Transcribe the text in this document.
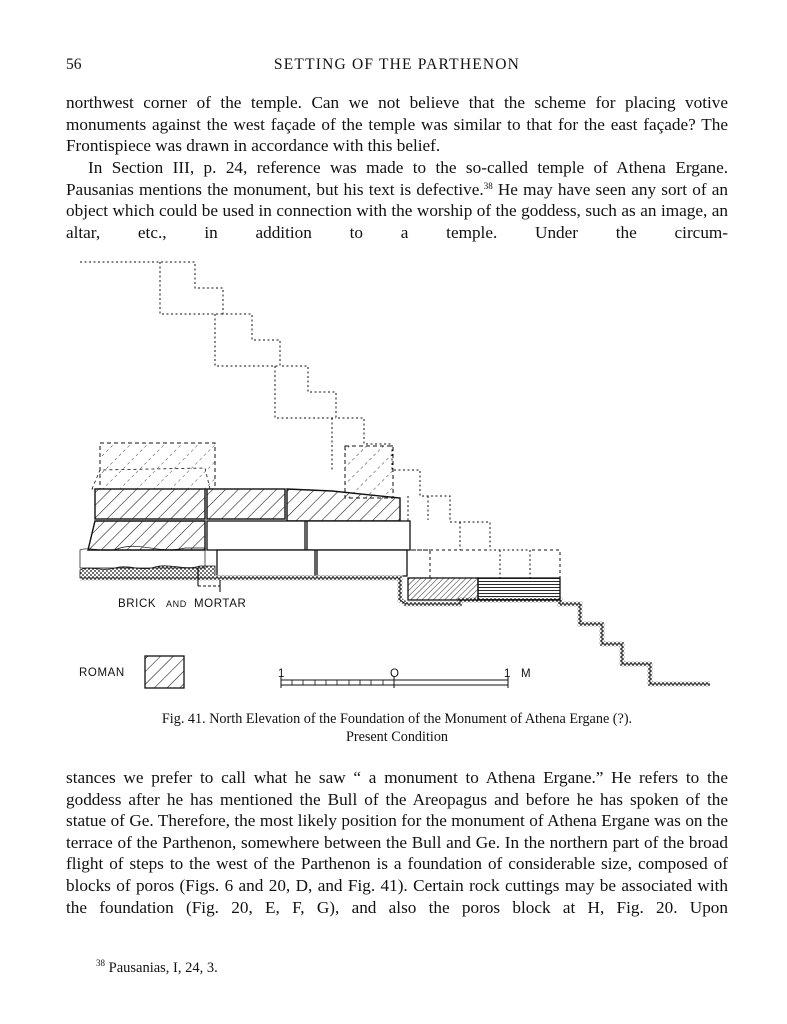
56	SETTING OF THE PARTHENON

northwest corner of the temple. Can we not believe that the scheme for placing votive monuments against the west façade of the temple was similar to that for the east façade? The Frontispiece was drawn in accordance with this belief.

In Section III, p. 24, reference was made to the so-called temple of Athena Ergane. Pausanias mentions the monument, but his text is defective.$^{38}$ He may have seen any sort of an object which could be used in connection with the worship of the goddess, such as an image, an altar, etc., in addition to a temple. Under the circum-

BRICK AND MORTAR
ROMAN	1	O	1 M
Fig. 41. North Elevation of the Foundation of the Monument of Athena Ergane (?).
Present Condition

stances we prefer to call what he saw “ a monument to Athena Ergane.” He refers to the goddess after he has mentioned the Bull of the Areopagus and before he has spoken of the statue of Ge. Therefore, the most likely position for the monument of Athena Ergane was on the terrace of the Parthenon, somewhere between the Bull and Ge. In the northern part of the broad flight of steps to the west of the Parthenon is a foundation of considerable size, composed of blocks of poros (Figs. 6 and 20, D, and Fig. 41). Certain rock cuttings may be associated with the foundation (Fig. 20, E, F, G), and also the poros block at H, Fig. 20. Upon

$^{38}$ Pausanias, I, 24, 3.
